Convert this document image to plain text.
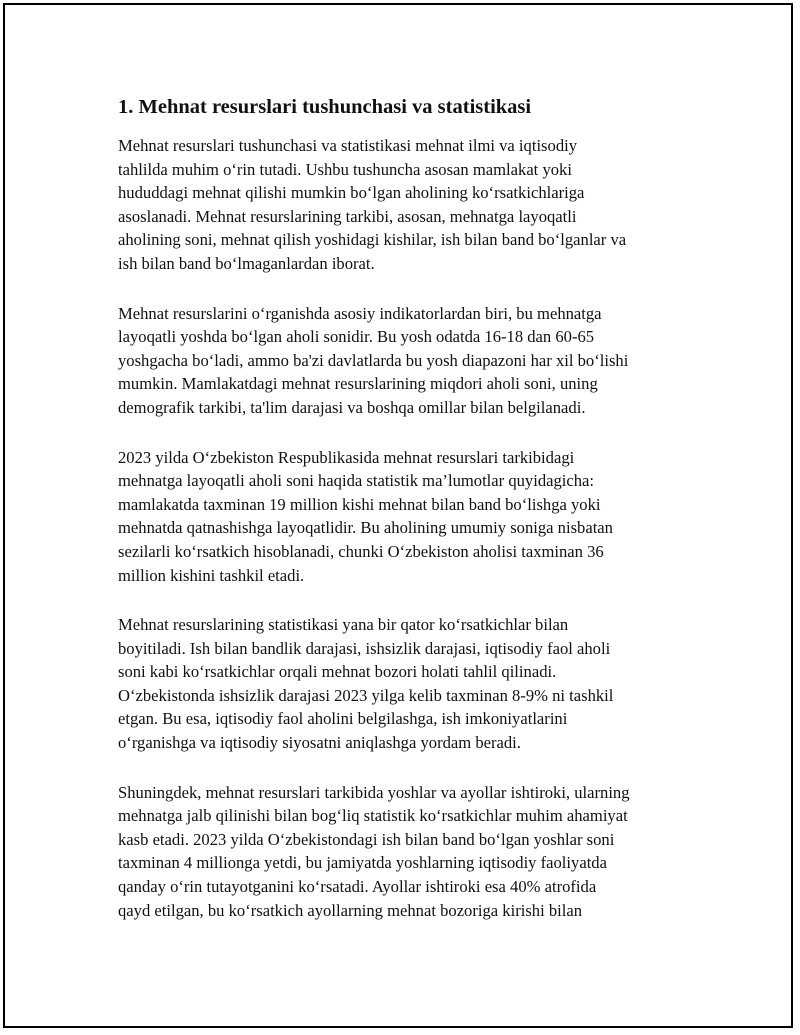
1. Mehnat resurslari tushunchasi va statistikasi

Mehnat resurslari tushunchasi va statistikasi mehnat ilmi va iqtisodiy
tahlilda muhim o‘rin tutadi. Ushbu tushuncha asosan mamlakat yoki
hududdagi mehnat qilishi mumkin bo‘lgan aholining ko‘rsatkichlariga
asoslanadi. Mehnat resurslarining tarkibi, asosan, mehnatga layoqatli
aholining soni, mehnat qilish yoshidagi kishilar, ish bilan band bo‘lganlar va
ish bilan band bo‘lmaganlardan iborat.

Mehnat resurslarini o‘rganishda asosiy indikatorlardan biri, bu mehnatga
layoqatli yoshda bo‘lgan aholi sonidir. Bu yosh odatda 16-18 dan 60-65
yoshgacha bo‘ladi, ammo ba'zi davlatlarda bu yosh diapazoni har xil bo‘lishi
mumkin. Mamlakatdagi mehnat resurslarining miqdori aholi soni, uning
demografik tarkibi, ta'lim darajasi va boshqa omillar bilan belgilanadi.

2023 yilda O‘zbekiston Respublikasida mehnat resurslari tarkibidagi
mehnatga layoqatli aholi soni haqida statistik ma’lumotlar quyidagicha:
mamlakatda taxminan 19 million kishi mehnat bilan band bo‘lishga yoki
mehnatda qatnashishga layoqatlidir. Bu aholining umumiy soniga nisbatan
sezilarli ko‘rsatkich hisoblanadi, chunki O‘zbekiston aholisi taxminan 36
million kishini tashkil etadi.

Mehnat resurslarining statistikasi yana bir qator ko‘rsatkichlar bilan
boyitiladi. Ish bilan bandlik darajasi, ishsizlik darajasi, iqtisodiy faol aholi
soni kabi ko‘rsatkichlar orqali mehnat bozori holati tahlil qilinadi.
O‘zbekistonda ishsizlik darajasi 2023 yilga kelib taxminan 8-9% ni tashkil
etgan. Bu esa, iqtisodiy faol aholini belgilashga, ish imkoniyatlarini
o‘rganishga va iqtisodiy siyosatni aniqlashga yordam beradi.

Shuningdek, mehnat resurslari tarkibida yoshlar va ayollar ishtiroki, ularning
mehnatga jalb qilinishi bilan bog‘liq statistik ko‘rsatkichlar muhim ahamiyat
kasb etadi. 2023 yilda O‘zbekistondagi ish bilan band bo‘lgan yoshlar soni
taxminan 4 millionga yetdi, bu jamiyatda yoshlarning iqtisodiy faoliyatda
qanday o‘rin tutayotganini ko‘rsatadi. Ayollar ishtiroki esa 40% atrofida
qayd etilgan, bu ko‘rsatkich ayollarning mehnat bozoriga kirishi bilan
